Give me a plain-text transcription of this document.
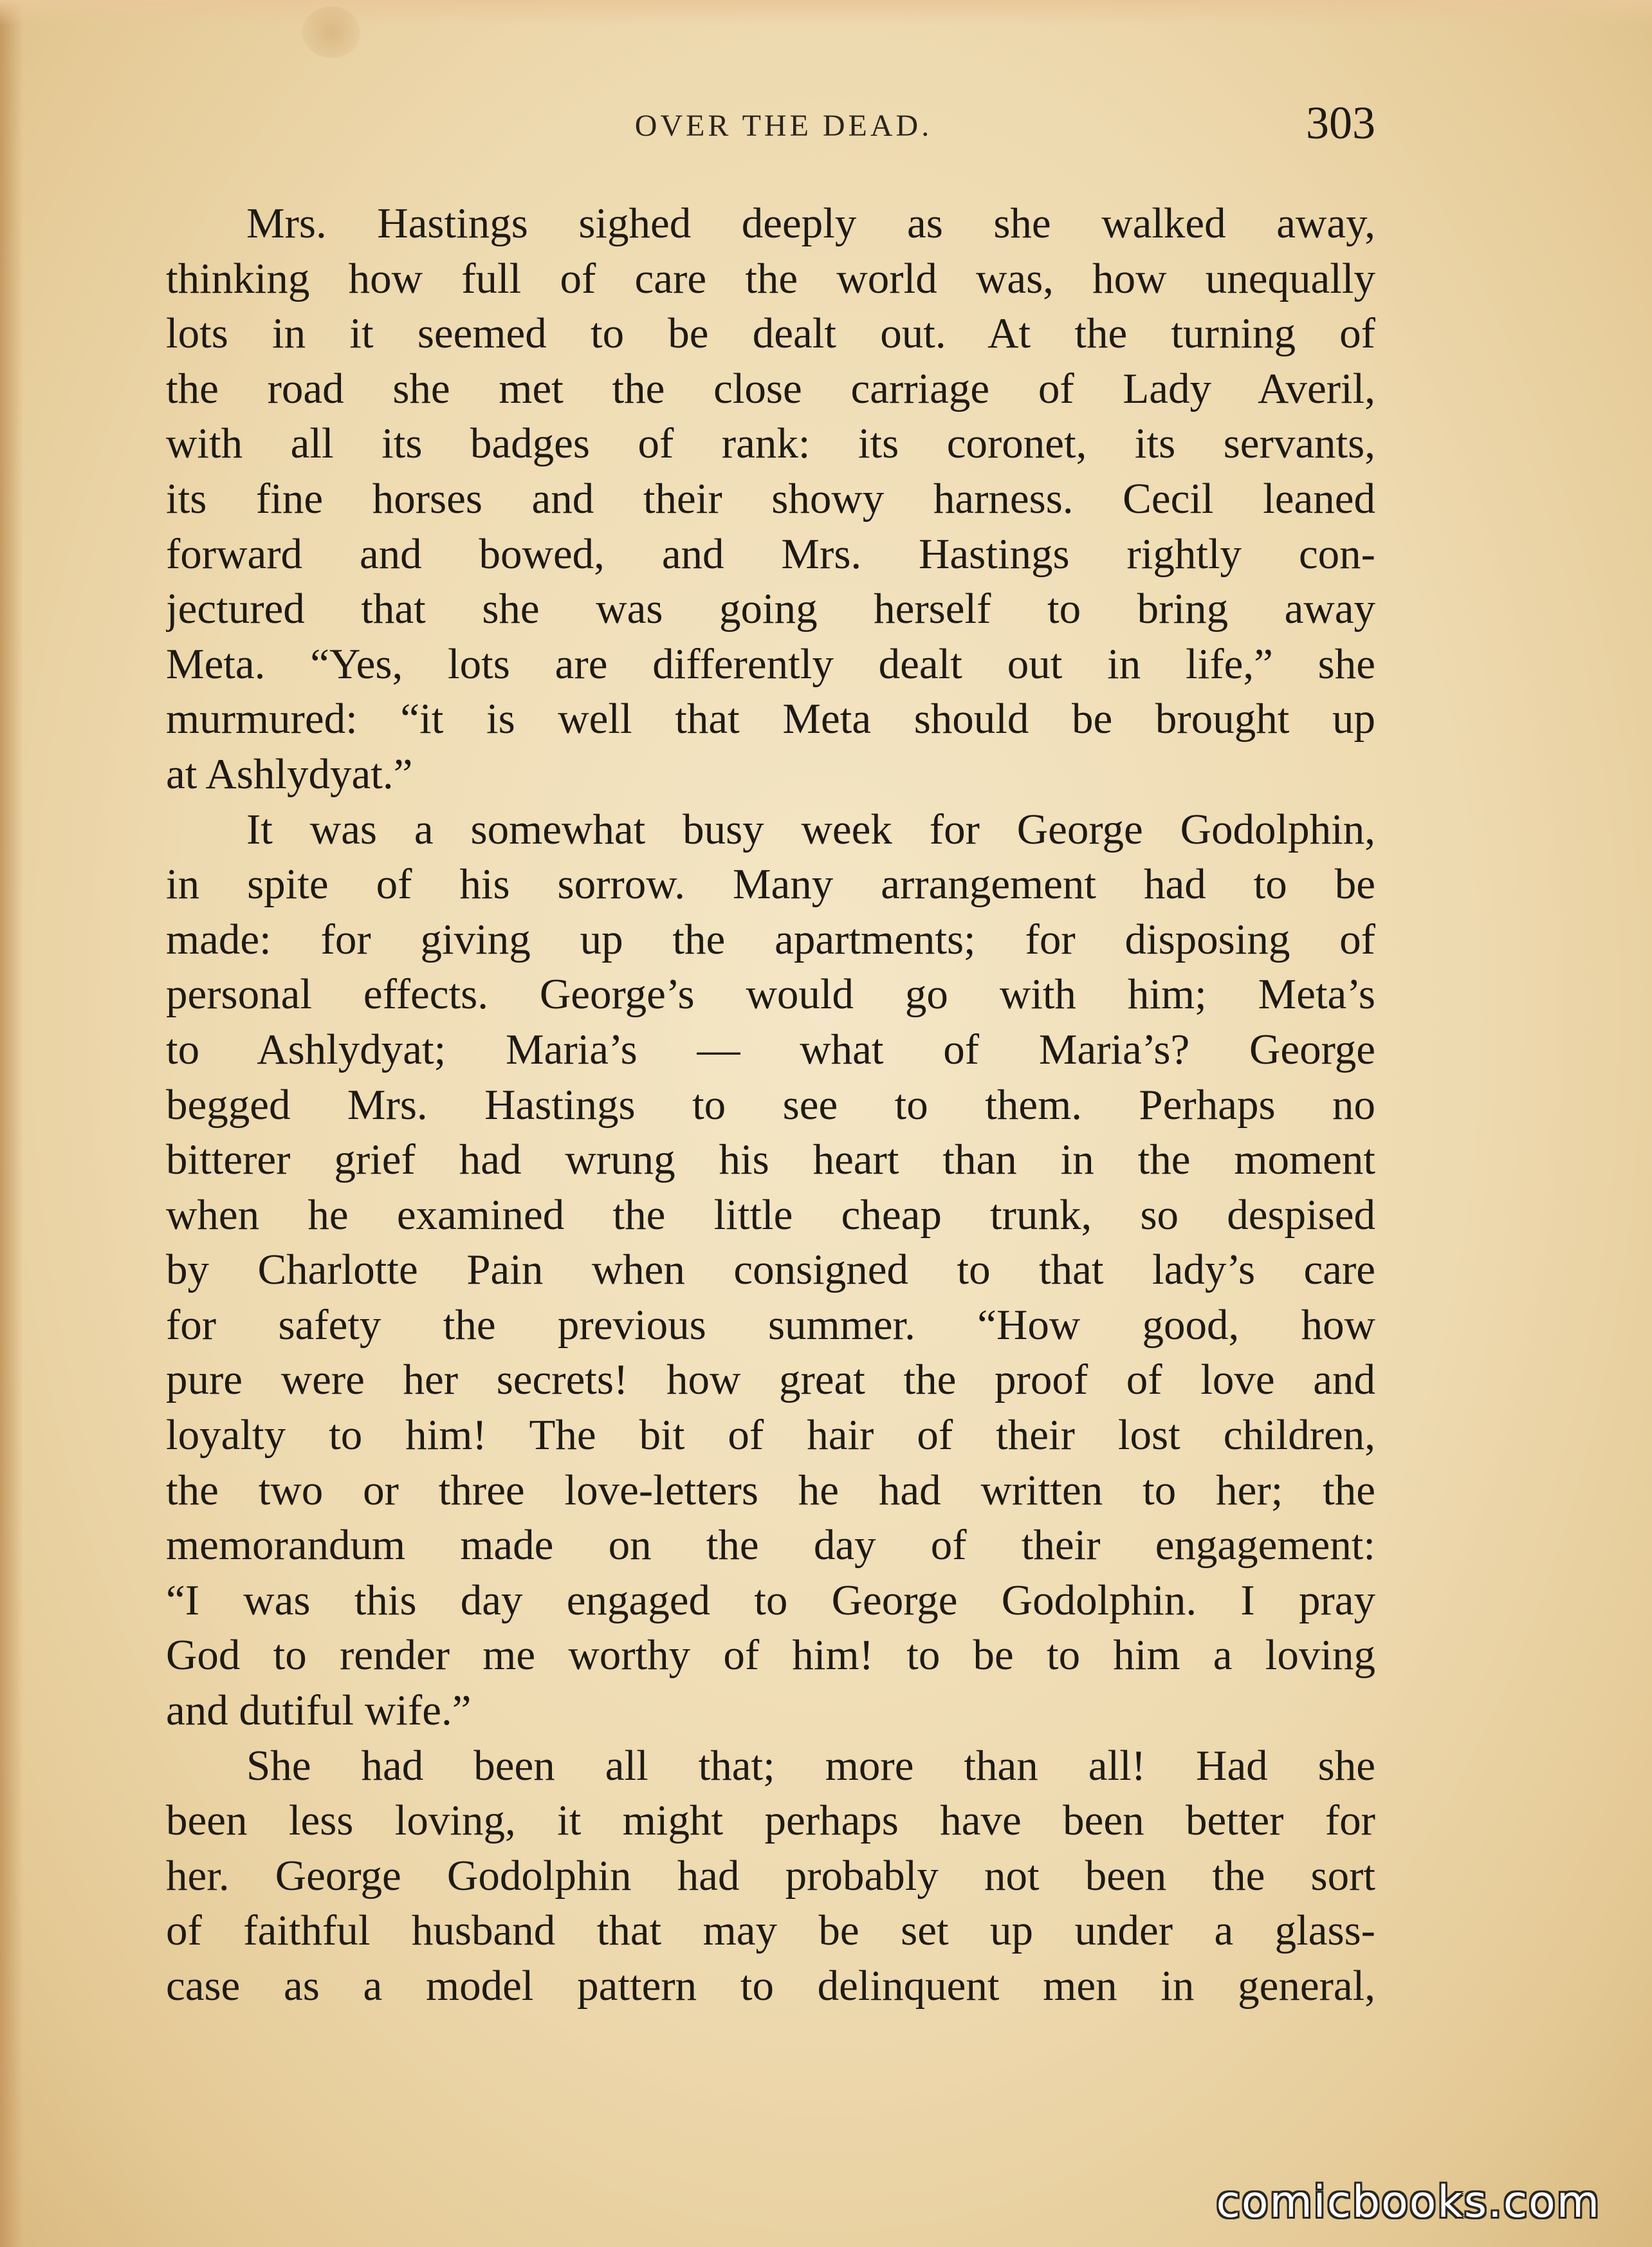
OVER THE DEAD.	303
Mrs. Hastings sighed deeply as she walked away,
thinking how full of care the world was, how unequally
lots in it seemed to be dealt out. At the turning of
the road she met the close carriage of Lady Averil,
with all its badges of rank: its coronet, its servants,
its fine horses and their showy harness. Cecil leaned
forward and bowed, and Mrs. Hastings rightly con-
jectured that she was going herself to bring away
Meta. “Yes, lots are differently dealt out in life,” she
murmured: “it is well that Meta should be brought up
at Ashlydyat.”
It was a somewhat busy week for George Godolphin,
in spite of his sorrow. Many arrangement had to be
made: for giving up the apartments; for disposing of
personal effects. George’s would go with him; Meta’s
to Ashlydyat; Maria’s — what of Maria’s? George
begged Mrs. Hastings to see to them. Perhaps no
bitterer grief had wrung his heart than in the moment
when he examined the little cheap trunk, so despised
by Charlotte Pain when consigned to that lady’s care
for safety the previous summer. “How good, how
pure were her secrets! how great the proof of love and
loyalty to him! The bit of hair of their lost children,
the two or three love-letters he had written to her; the
memorandum made on the day of their engagement:
“I was this day engaged to George Godolphin. I pray
God to render me worthy of him! to be to him a loving
and dutiful wife.”
She had been all that; more than all! Had she
been less loving, it might perhaps have been better for
her. George Godolphin had probably not been the sort
of faithful husband that may be set up under a glass-
case as a model pattern to delinquent men in general,
comicbooks.com
